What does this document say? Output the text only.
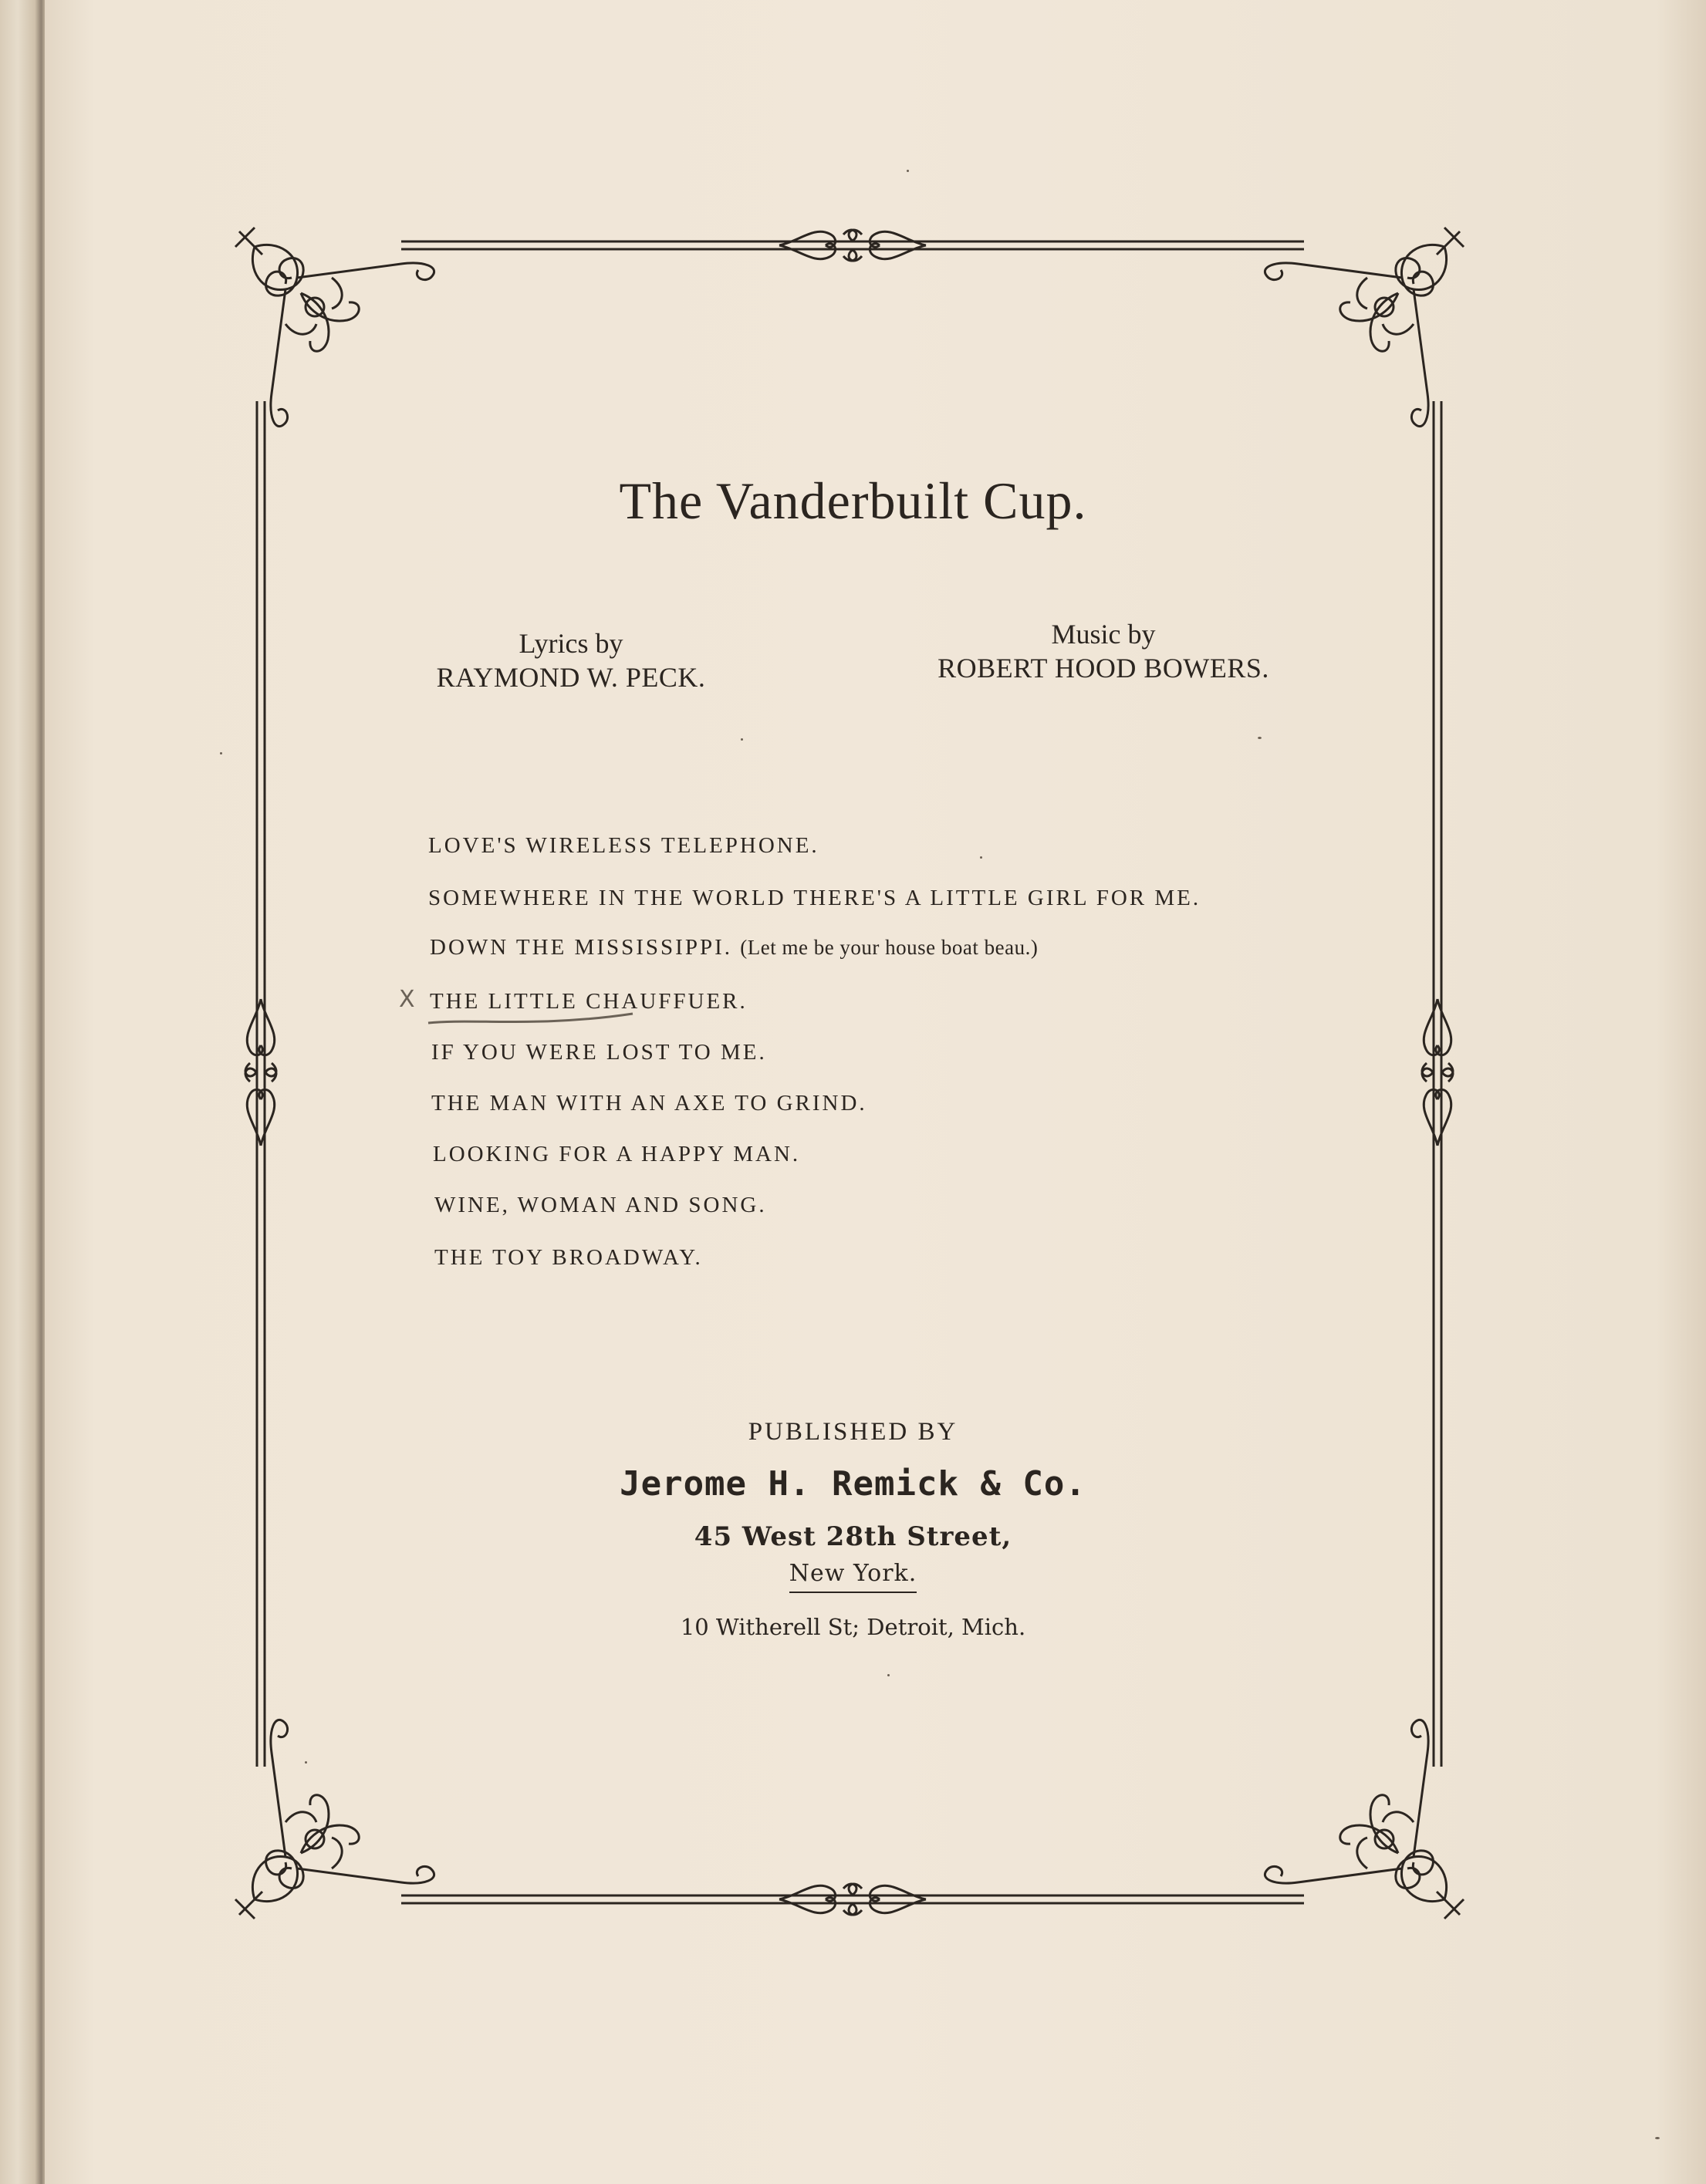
The Vanderbuilt Cup.
Lyrics by
RAYMOND W. PECK.
Music by
ROBERT HOOD BOWERS.
LOVE'S WIRELESS TELEPHONE.
SOMEWHERE IN THE WORLD THERE'S A LITTLE GIRL FOR ME.
DOWN THE MISSISSIPPI. (Let me be your house boat beau.)
X THE LITTLE CHAUFFUER.
IF YOU WERE LOST TO ME.
THE MAN WITH AN AXE TO GRIND.
LOOKING FOR A HAPPY MAN.
WINE, WOMAN AND SONG.
THE TOY BROADWAY.
PUBLISHED BY
Jerome H. Remick & Co.
45 West 28th Street,
New York.
10 Witherell St; Detroit, Mich.
